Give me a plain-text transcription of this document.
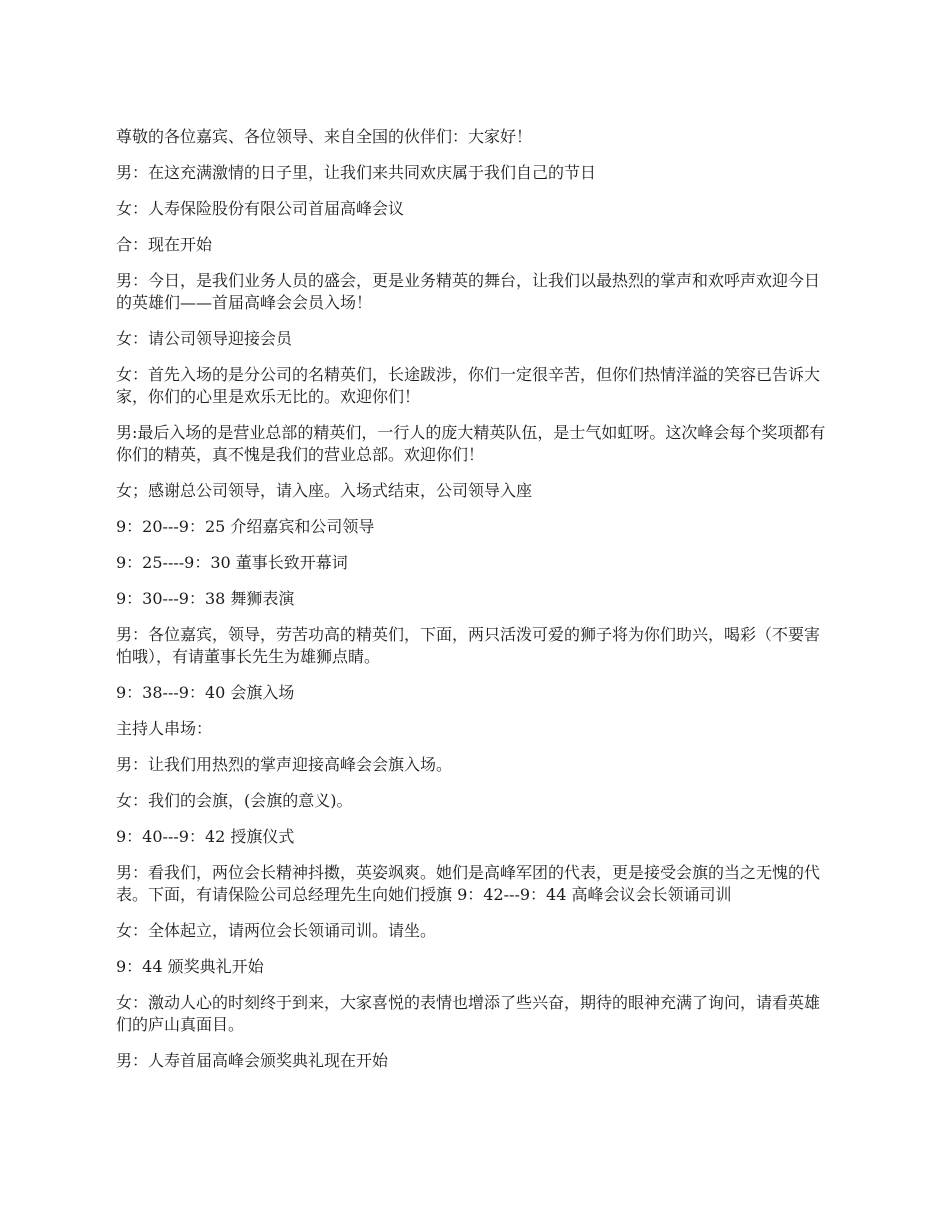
尊敬的各位嘉宾、各位领导、来自全国的伙伴们：大家好！

男：在这充满激情的日子里，让我们来共同欢庆属于我们自己的节日

女：人寿保险股份有限公司首届高峰会议

合：现在开始

男：今日，是我们业务人员的盛会，更是业务精英的舞台，让我们以最热烈的掌声和欢呼声欢迎今日的英雄们——首届高峰会会员入场！

女：请公司领导迎接会员

女：首先入场的是分公司的名精英们，长途跋涉，你们一定很辛苦，但你们热情洋溢的笑容已告诉大家，你们的心里是欢乐无比的。欢迎你们！

男:最后入场的是营业总部的精英们，一行人的庞大精英队伍，是士气如虹呀。这次峰会每个奖项都有你们的精英，真不愧是我们的营业总部。欢迎你们！

女；感谢总公司领导，请入座。入场式结束，公司领导入座

9：20---9：25 介绍嘉宾和公司领导

9：25----9：30 董事长致开幕词

9：30---9：38 舞狮表演

男：各位嘉宾，领导，劳苦功高的精英们，下面，两只活泼可爱的狮子将为你们助兴，喝彩（不要害怕哦），有请董事长先生为雄狮点睛。

9：38---9：40 会旗入场

主持人串场：

男：让我们用热烈的掌声迎接高峰会会旗入场。

女：我们的会旗，(会旗的意义)。

9：40---9：42 授旗仪式

男：看我们，两位会长精神抖擞，英姿飒爽。她们是高峰军团的代表，更是接受会旗的当之无愧的代表。下面，有请保险公司总经理先生向她们授旗 9：42---9：44 高峰会议会长领诵司训

女：全体起立，请两位会长领诵司训。请坐。

9：44 颁奖典礼开始

女：激动人心的时刻终于到来，大家喜悦的表情也增添了些兴奋，期待的眼神充满了询问，请看英雄们的庐山真面目。

男：人寿首届高峰会颁奖典礼现在开始
